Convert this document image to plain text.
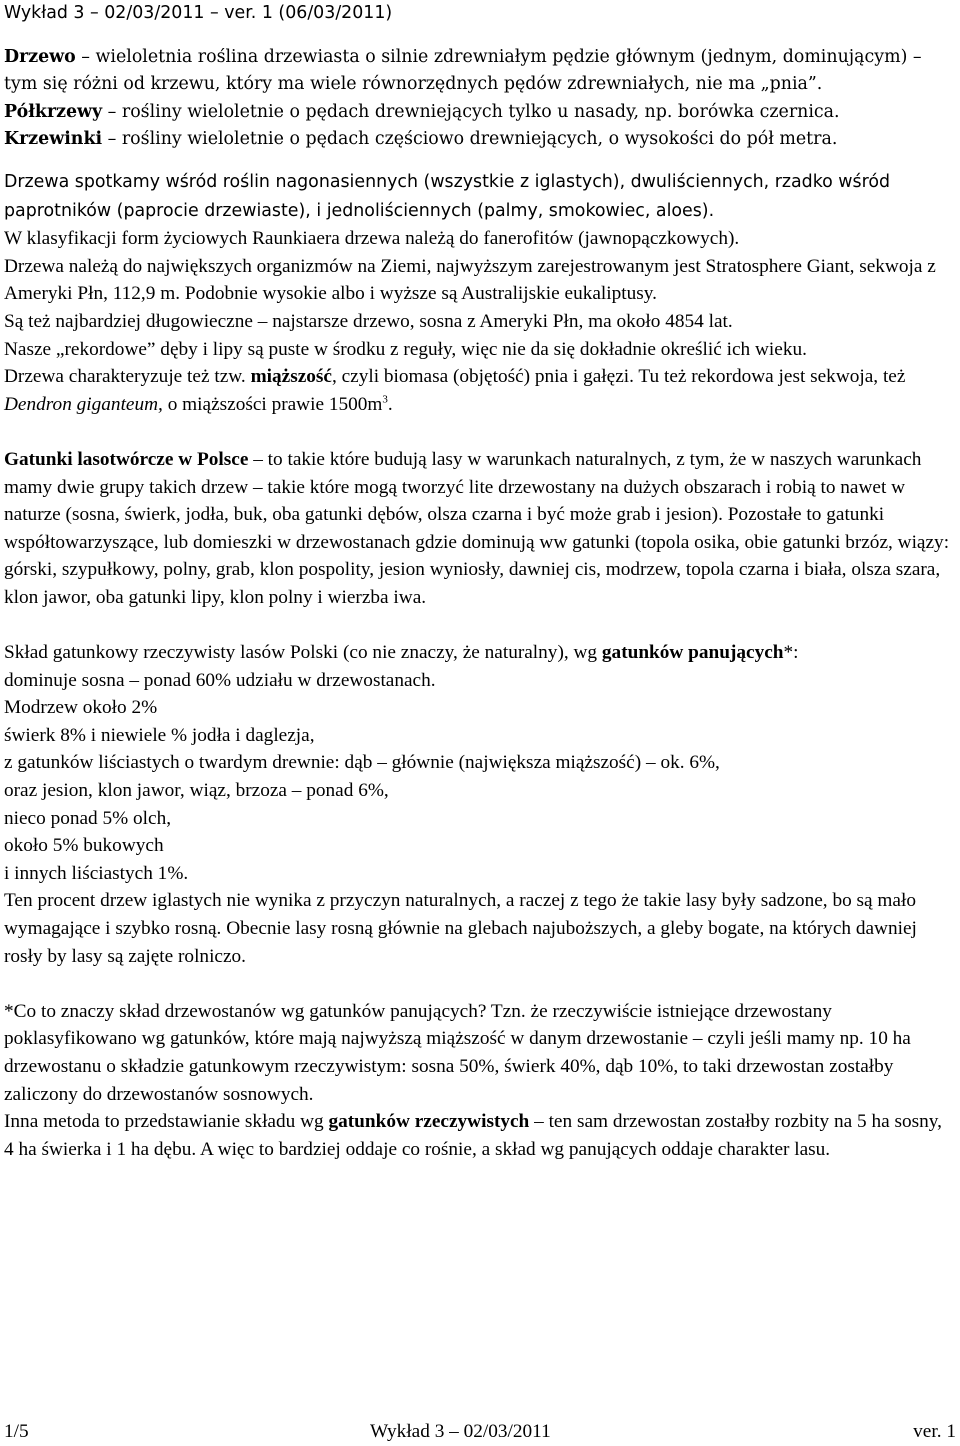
Wykład 3 – 02/03/2011 – ver. 1 (06/03/2011)

Drzewo – wieloletnia roślina drzewiasta o silnie zdrewniałym pędzie głównym (jednym, dominującym) – tym się różni od krzewu, który ma wiele równorzędnych pędów zdrewniałych, nie ma „pnia”.

Półkrzewy – rośliny wieloletnie o pędach drewniejących tylko u nasady, np. borówka czernica.

Krzewinki – rośliny wieloletnie o pędach częściowo drewniejących, o wysokości do pół metra.

Drzewa spotkamy wśród roślin nagonasiennych (wszystkie z iglastych), dwuliściennych, rzadko wśród paprotników (paprocie drzewiaste), i jednoliściennych (palmy, smokowiec, aloes).

W klasyfikacji form życiowych Raunkiaera drzewa należą do fanerofitów (jawnopączkowych).

Drzewa należą do największych organizmów na Ziemi, najwyższym zarejestrowanym jest Stratosphere Giant, sekwoja z Ameryki Płn, 112,9 m. Podobnie wysokie albo i wyższe są Australijskie eukaliptusy.

Są też najbardziej długowieczne – najstarsze drzewo, sosna z Ameryki Płn, ma około 4854 lat.

Nasze „rekordowe” dęby i lipy są puste w środku z reguły, więc nie da się dokładnie określić ich wieku.

Drzewa charakteryzuje też tzw. miąższość, czyli biomasa (objętość) pnia i gałęzi. Tu też rekordowa jest sekwoja, też Dendron giganteum, o miąższości prawie $1500m^3$.

Gatunki lasotwórcze w Polsce – to takie które budują lasy w warunkach naturalnych, z tym, że w naszych warunkach mamy dwie grupy takich drzew – takie które mogą tworzyć lite drzewostany na dużych obszarach i robią to nawet w naturze (sosna, świerk, jodła, buk, oba gatunki dębów, olsza czarna i być może grab i jesion). Pozostałe to gatunki współtowarzyszące, lub domieszki w drzewostanach gdzie dominują ww gatunki (topola osika, obie gatunki brzóz, wiązy: górski, szypułkowy, polny, grab, klon pospolity, jesion wyniosły, dawniej cis, modrzew, topola czarna i biała, olsza szara, klon jawor, oba gatunki lipy, klon polny i wierzba iwa.

Skład gatunkowy rzeczywisty lasów Polski (co nie znaczy, że naturalny), wg gatunków panujących*:

dominuje sosna – ponad 60% udziału w drzewostanach.

Modrzew około 2%

świerk 8% i niewiele % jodła i daglezja,

z gatunków liściastych o twardym drewnie: dąb – głównie (największa miąższość) – ok. 6%,

oraz jesion, klon jawor, wiąz, brzoza – ponad 6%,

nieco ponad 5% olch,

około 5% bukowych

i innych liściastych 1%.

Ten procent drzew iglastych nie wynika z przyczyn naturalnych, a raczej z tego że takie lasy były sadzone, bo są mało wymagające i szybko rosną. Obecnie lasy rosną głównie na glebach najuboższych, a gleby bogate, na których dawniej rosły by lasy są zajęte rolniczo.

*Co to znaczy skład drzewostanów wg gatunków panujących? Tzn. że rzeczywiście istniejące drzewostany poklasyfikowano wg gatunków, które mają najwyższą miąższość w danym drzewostanie – czyli jeśli mamy np. 10 ha drzewostanu o składzie gatunkowym rzeczywistym: sosna 50%, świerk 40%, dąb 10%, to taki drzewostan zostałby zaliczony do drzewostanów sosnowych.

Inna metoda to przedstawianie składu wg gatunków rzeczywistych – ten sam drzewostan zostałby rozbity na 5 ha sosny, 4 ha świerka i 1 ha dębu. A więc to bardziej oddaje co rośnie, a skład wg panujących oddaje charakter lasu.

1/5	Wykład 3 – 02/03/2011	ver. 1
